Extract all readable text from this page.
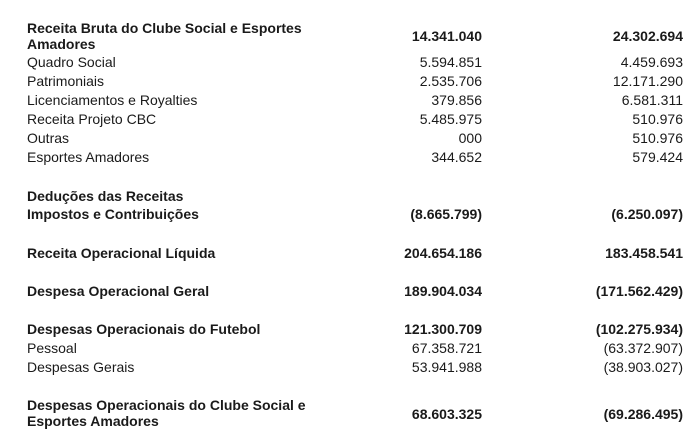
Receita Bruta do Clube Social e Esportes	14.341.040	24.302.694
Amadores
Quadro Social	5.594.851	4.459.693
Patrimoniais	2.535.706	12.171.290
Licenciamentos e Royalties	379.856	6.581.311
Receita Projeto CBC	5.485.975	510.976
Outras	000	510.976
Esportes Amadores	344.652	579.424
Deduções das Receitas
Impostos e Contribuições	(8.665.799)	(6.250.097)
Receita Operacional Líquida	204.654.186	183.458.541
Despesa Operacional Geral	189.904.034	(171.562.429)
Despesas Operacionais do Futebol	121.300.709	(102.275.934)
Pessoal	67.358.721	(63.372.907)
Despesas Gerais	53.941.988	(38.903.027)
Despesas Operacionais do Clube Social e
Esportes Amadores	68.603.325	(69.286.495)
